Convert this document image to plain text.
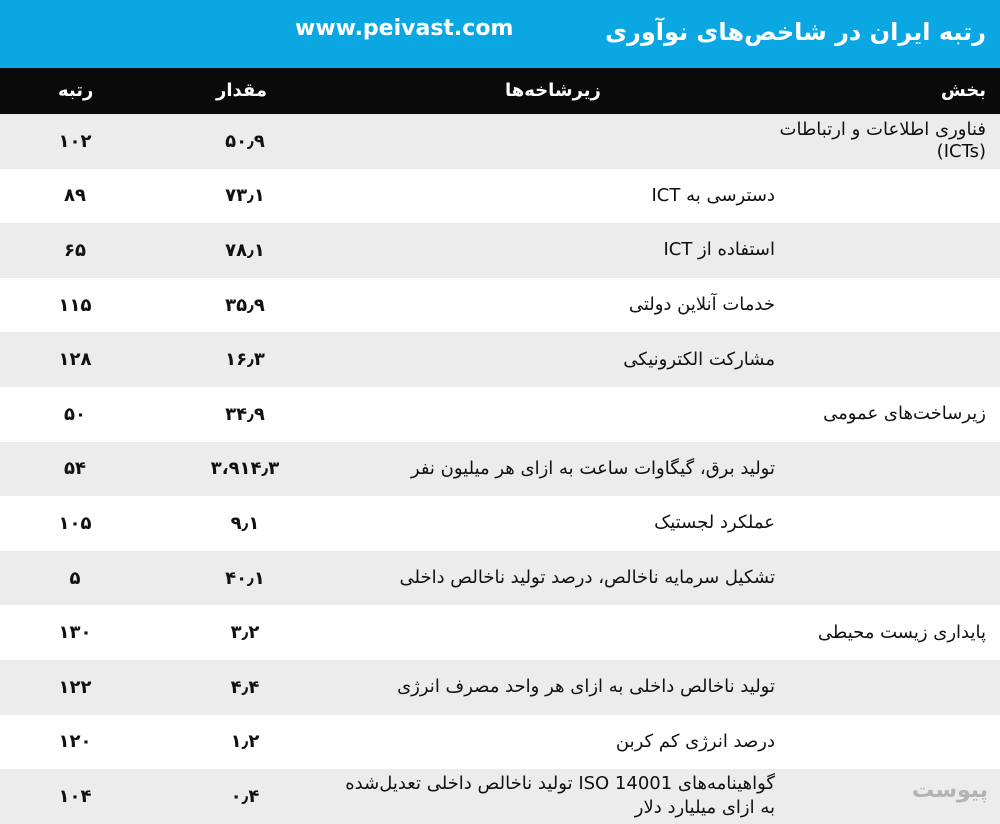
رتبه ایران در شاخص‌های نوآوری
www.peivast.com
بخش
زیرشاخه‌ها
مقدار
رتبه
فناوری اطلاعات و ارتباطات (ICTs)
۵۰٫۹
۱۰۲
دسترسی به ICT
۷۳٫۱
۸۹
استفاده از ICT
۷۸٫۱
۶۵
خدمات آنلاین دولتی
۳۵٫۹
۱۱۵
مشارکت الکترونیکی
۱۶٫۳
۱۲۸
زیرساخت‌های عمومی
۳۴٫۹
۵۰
تولید برق، گیگاوات ساعت به ازای هر میلیون نفر
۳،۹۱۴٫۳
۵۴
عملکرد لجستیک
۹٫۱
۱۰۵
تشکیل سرمایه ناخالص، درصد تولید ناخالص داخلی
۴۰٫۱
۵
پایداری زیست محیطی
۳٫۲
۱۳۰
تولید ناخالص داخلی به ازای هر واحد مصرف انرژی
۴٫۴
۱۲۲
درصد انرژی کم کربن
۱٫۲
۱۲۰
گواهینامه‌های ISO 14001 تولید ناخالص داخلی تعدیل‌شده به ازای میلیارد دلار
۰٫۴
۱۰۴	پیوست
